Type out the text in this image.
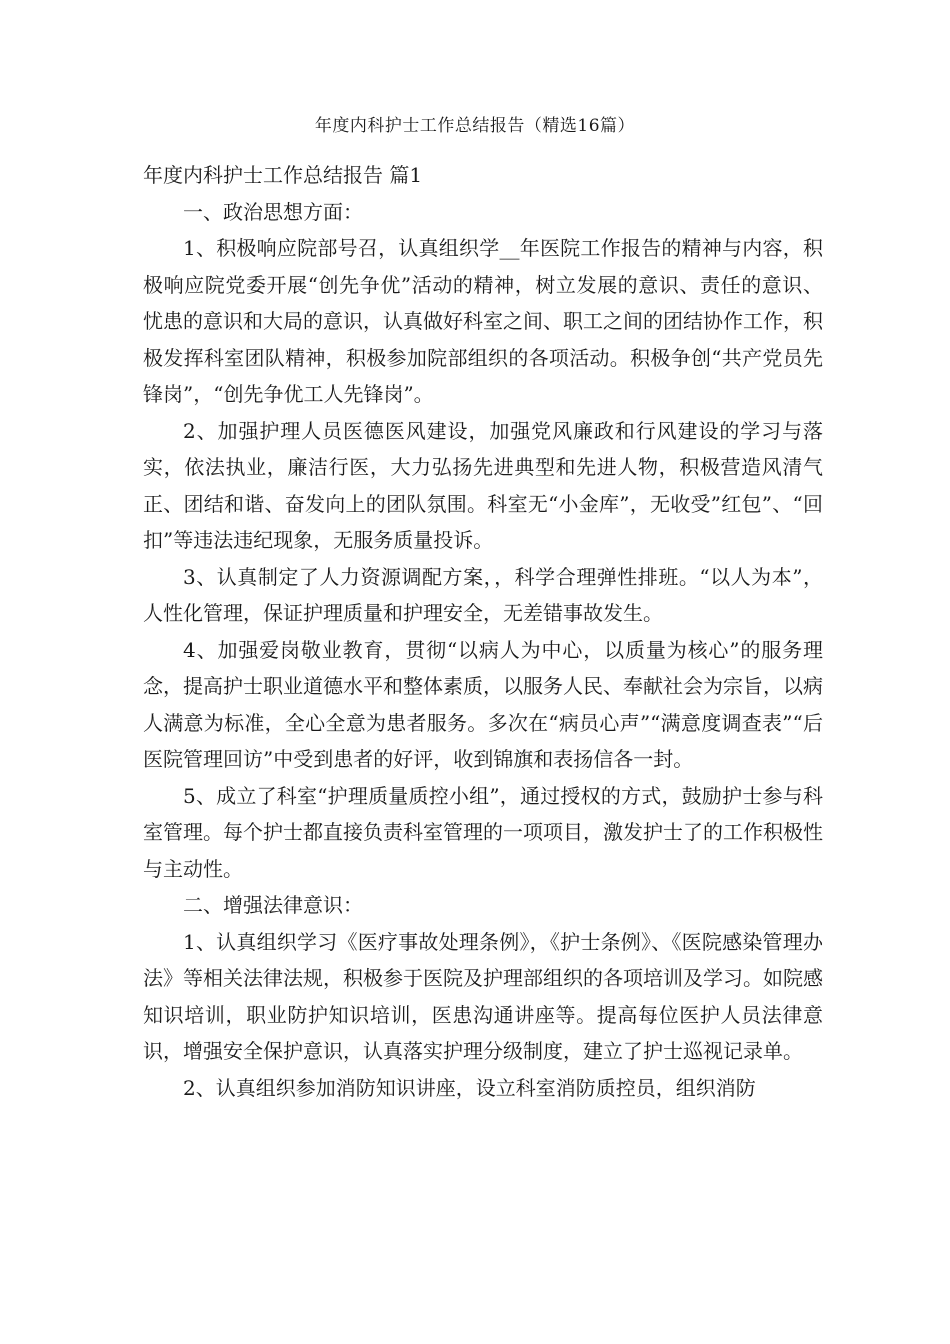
年度内科护士工作总结报告（精选16篇）

年度内科护士工作总结报告 篇1

一、政治思想方面：

1、积极响应院部号召，认真组织学__年医院工作报告的精神与内容，积极响应院党委开展“创先争优”活动的精神，树立发展的意识、责任的意识、忧患的意识和大局的意识，认真做好科室之间、职工之间的团结协作工作，积极发挥科室团队精神，积极参加院部组织的各项活动。积极争创“共产党员先锋岗”，“创先争优工人先锋岗”。

2、加强护理人员医德医风建设，加强党风廉政和行风建设的学习与落实，依法执业，廉洁行医，大力弘扬先进典型和先进人物，积极营造风清气正、团结和谐、奋发向上的团队氛围。科室无“小金库”，无收受”红包”、“回扣”等违法违纪现象，无服务质量投诉。

3、认真制定了人力资源调配方案，，科学合理弹性排班。“以人为本”，人性化管理，保证护理质量和护理安全，无差错事故发生。

4、加强爱岗敬业教育，贯彻“以病人为中心，以质量为核心”的服务理念，提高护士职业道德水平和整体素质，以服务人民、奉献社会为宗旨，以病人满意为标准，全心全意为患者服务。多次在“病员心声”“满意度调查表”“后医院管理回访”中受到患者的好评，收到锦旗和表扬信各一封。

5、成立了科室“护理质量质控小组”，通过授权的方式，鼓励护士参与科室管理。每个护士都直接负责科室管理的一项项目，激发护士了的工作积极性与主动性。

二、增强法律意识：

1、认真组织学习《医疗事故处理条例》，《护士条例》、《医院感染管理办法》等相关法律法规，积极参于医院及护理部组织的各项培训及学习。如院感知识培训，职业防护知识培训，医患沟通讲座等。提高每位医护人员法律意识，增强安全保护意识，认真落实护理分级制度，建立了护士巡视记录单。

2、认真组织参加消防知识讲座，设立科室消防质控员，组织消防
